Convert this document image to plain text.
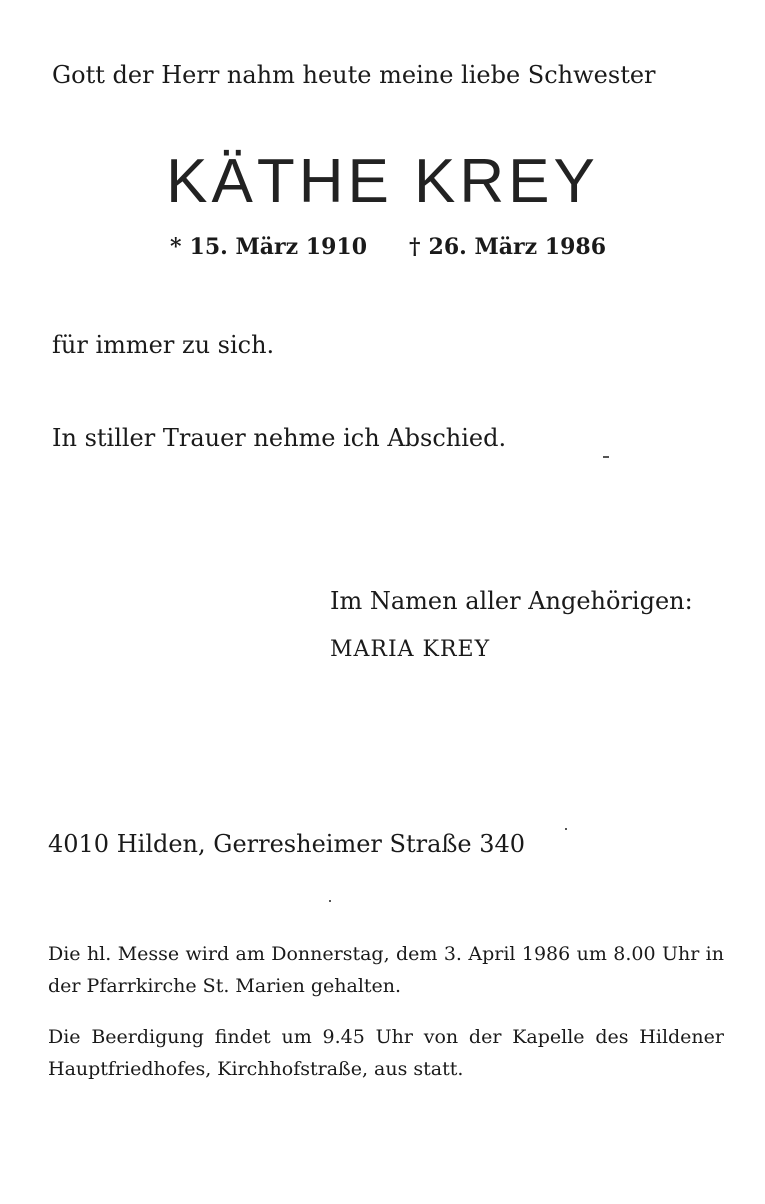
Gott der Herr nahm heute meine liebe Schwester
KÄTHE KREY
* 15. März 1910 † 26. März 1986
für immer zu sich.
In stiller Trauer nehme ich Abschied.
Im Namen aller Angehörigen:
MARIA KREY
4010 Hilden, Gerresheimer Straße 340
Die hl. Messe wird am Donnerstag, dem 3. April 1986 um 8.00 Uhr in der Pfarrkirche St. Marien gehalten.
Die Beerdigung findet um 9.45 Uhr von der Kapelle des Hildener Hauptfriedhofes, Kirchhofstraße, aus statt.
